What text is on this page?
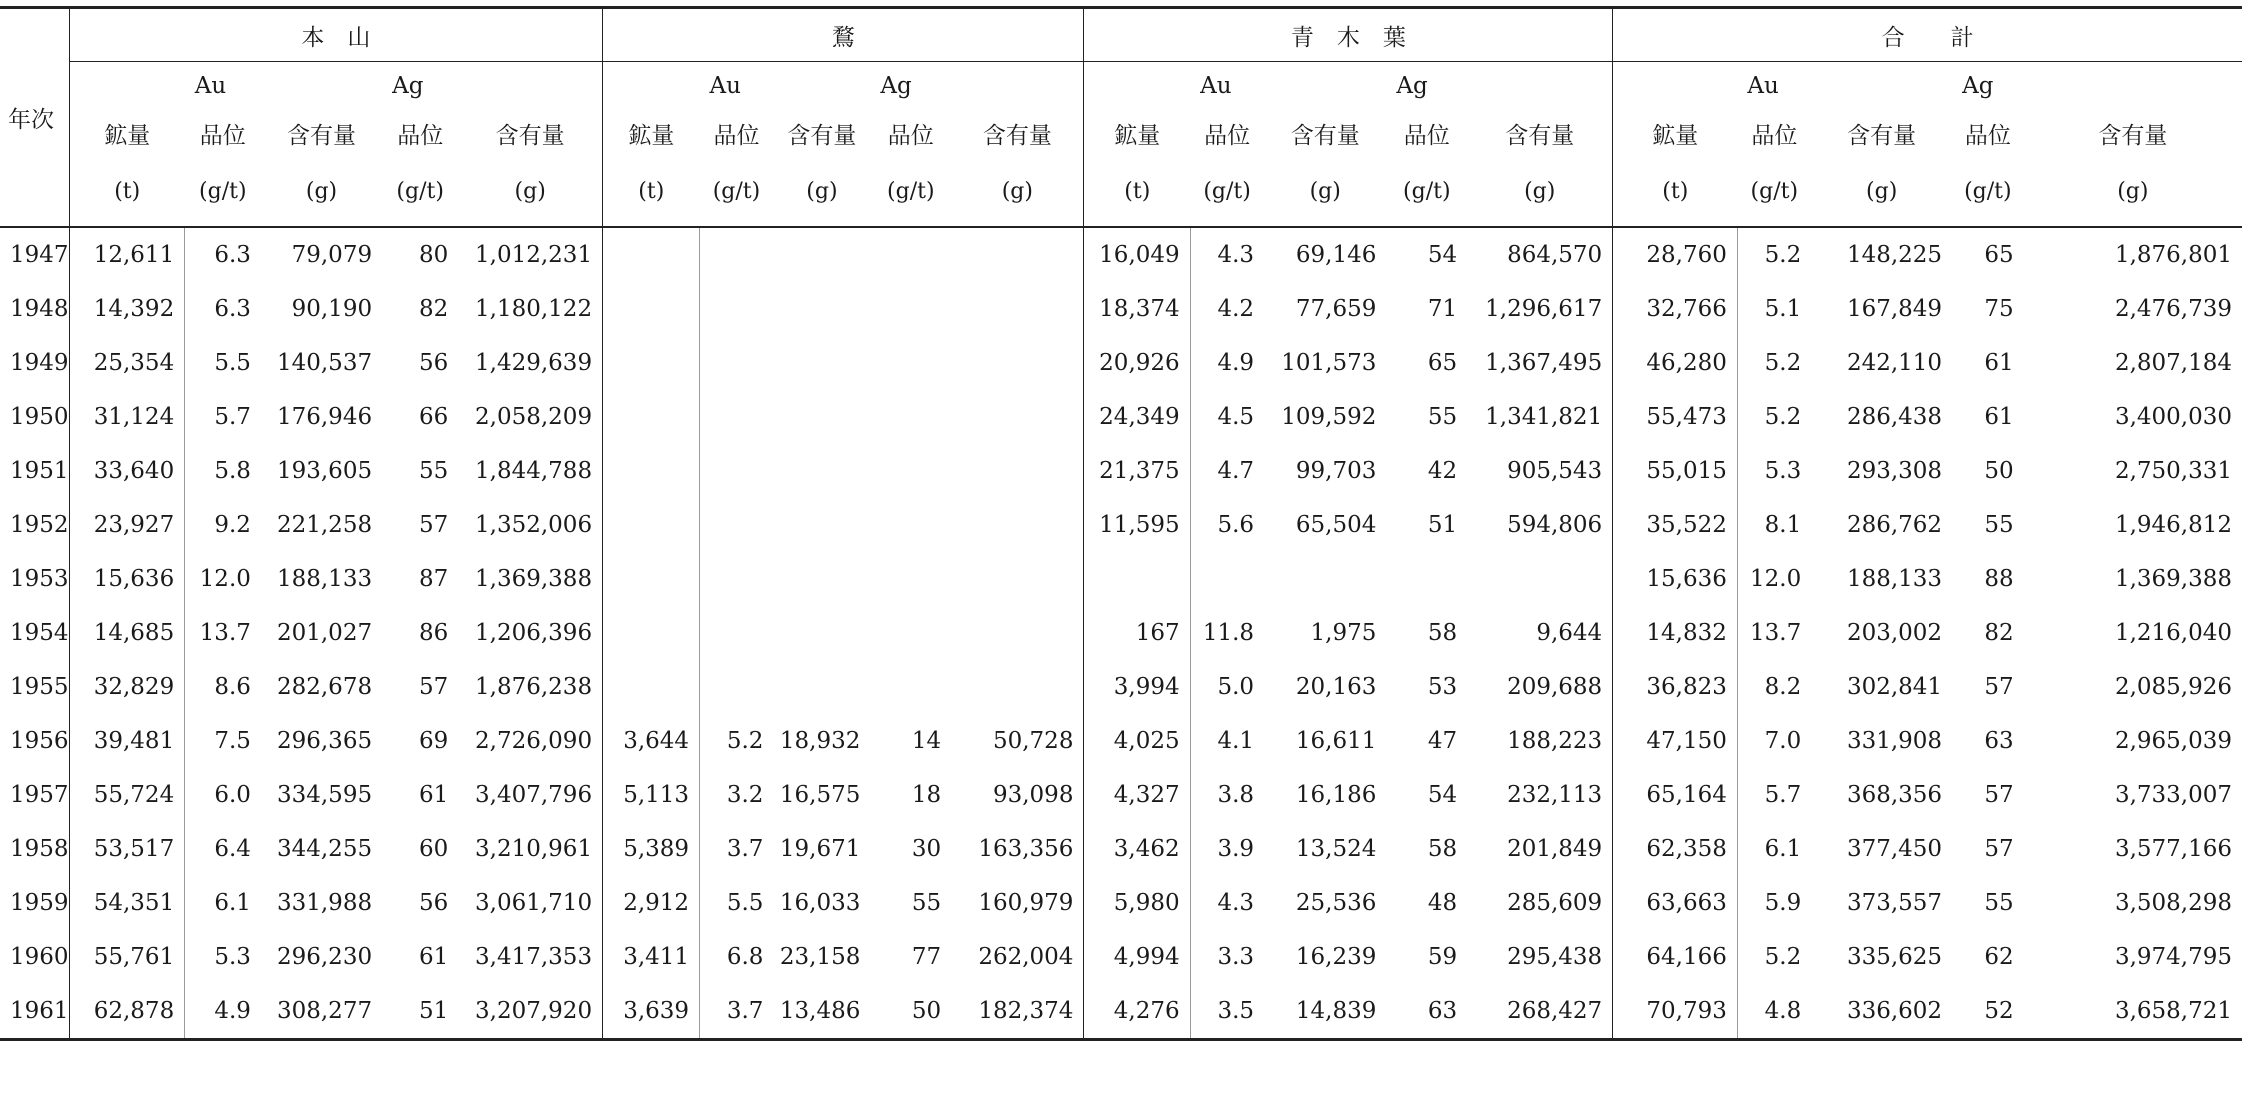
年次	本　山					鶩					青　木　葉					合　　計				
		Au		Ag			Au		Ag			Au		Ag			Au		Ag	
	鉱量	品位	含有量	品位	含有量	鉱量	品位	含有量	品位	含有量	鉱量	品位	含有量	品位	含有量	鉱量	品位	含有量	品位	含有量
	(t)	(g/t)	(g)	(g/t)	(g)	(t)	(g/t)	(g)	(g/t)	(g)	(t)	(g/t)	(g)	(g/t)	(g)	(t)	(g/t)	(g)	(g/t)	(g)
1947	12,611	6.3	79,079	80	1,012,231						16,049	4.3	69,146	54	864,570	28,760	5.2	148,225	65	1,876,801
1948	14,392	6.3	90,190	82	1,180,122						18,374	4.2	77,659	71	1,296,617	32,766	5.1	167,849	75	2,476,739
1949	25,354	5.5	140,537	56	1,429,639						20,926	4.9	101,573	65	1,367,495	46,280	5.2	242,110	61	2,807,184
1950	31,124	5.7	176,946	66	2,058,209						24,349	4.5	109,592	55	1,341,821	55,473	5.2	286,438	61	3,400,030
1951	33,640	5.8	193,605	55	1,844,788						21,375	4.7	99,703	42	905,543	55,015	5.3	293,308	50	2,750,331
1952	23,927	9.2	221,258	57	1,352,006						11,595	5.6	65,504	51	594,806	35,522	8.1	286,762	55	1,946,812
1953	15,636	12.0	188,133	87	1,369,388											15,636	12.0	188,133	88	1,369,388
1954	14,685	13.7	201,027	86	1,206,396						167	11.8	1,975	58	9,644	14,832	13.7	203,002	82	1,216,040
1955	32,829	8.6	282,678	57	1,876,238						3,994	5.0	20,163	53	209,688	36,823	8.2	302,841	57	2,085,926
1956	39,481	7.5	296,365	69	2,726,090	3,644	5.2	18,932	14	50,728	4,025	4.1	16,611	47	188,223	47,150	7.0	331,908	63	2,965,039
1957	55,724	6.0	334,595	61	3,407,796	5,113	3.2	16,575	18	93,098	4,327	3.8	16,186	54	232,113	65,164	5.7	368,356	57	3,733,007
1958	53,517	6.4	344,255	60	3,210,961	5,389	3.7	19,671	30	163,356	3,462	3.9	13,524	58	201,849	62,358	6.1	377,450	57	3,577,166
1959	54,351	6.1	331,988	56	3,061,710	2,912	5.5	16,033	55	160,979	5,980	4.3	25,536	48	285,609	63,663	5.9	373,557	55	3,508,298
1960	55,761	5.3	296,230	61	3,417,353	3,411	6.8	23,158	77	262,004	4,994	3.3	16,239	59	295,438	64,166	5.2	335,625	62	3,974,795
1961	62,878	4.9	308,277	51	3,207,920	3,639	3.7	13,486	50	182,374	4,276	3.5	14,839	63	268,427	70,793	4.8	336,602	52	3,658,721
